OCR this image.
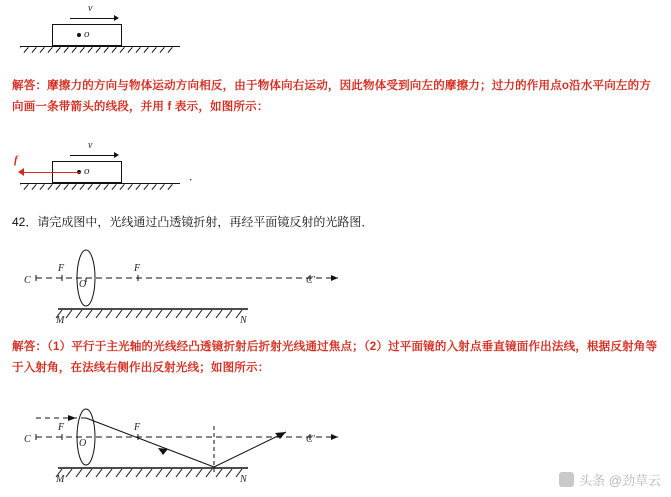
v
o
解答：摩擦力的方向与物体运动方向相反，由于物体向右运动，因此物体受到向左的摩擦力；过力的作用点o沿水平向左的方向画一条带箭头的线段，并用 f 表示，如图所示：
v
o
f
．
42．请完成图中，光线通过凸透镜折射，再经平面镜反射的光路图．
C
F
O
F
C'
M	N
解答：（1）平行于主光轴的光线经凸透镜折射后折射光线通过焦点；（2）过平面镜的入射点垂直镜面作出法线，根据反射角等于入射角，在法线右侧作出反射光线；如图所示：
C
F
O
F
C'
M	N	头条 @劲草云
